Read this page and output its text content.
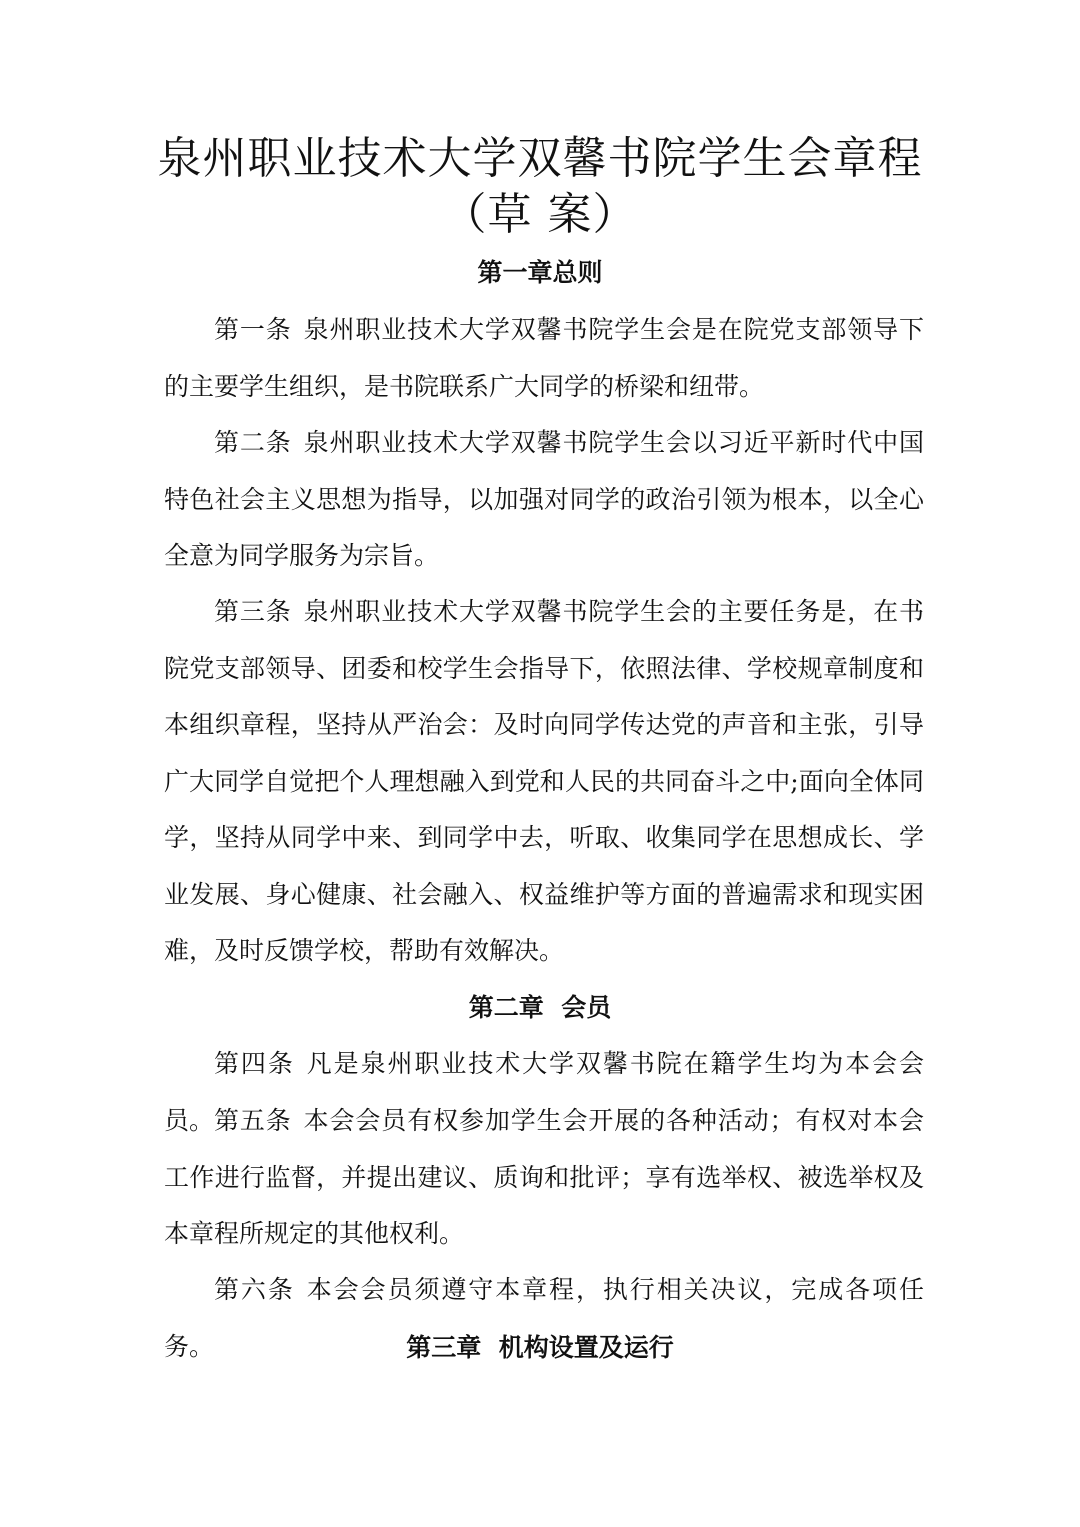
泉州职业技术大学双馨书院学生会章程
（草 案）
第一章总则

第一条 泉州职业技术大学双馨书院学生会是在院党支部领导下的主要学生组织，是书院联系广大同学的桥梁和纽带。

第二条 泉州职业技术大学双馨书院学生会以习近平新时代中国特色社会主义思想为指导，以加强对同学的政治引领为根本，以全心全意为同学服务为宗旨。

第三条 泉州职业技术大学双馨书院学生会的主要任务是，在书院党支部领导、团委和校学生会指导下，依照法律、学校规章制度和本组织章程，坚持从严治会：及时向同学传达党的声音和主张，引导广大同学自觉把个人理想融入到党和人民的共同奋斗之中;面向全体同学，坚持从同学中来、到同学中去，听取、收集同学在思想成长、学业发展、身心健康、社会融入、权益维护等方面的普遍需求和现实困难，及时反馈学校，帮助有效解决。

第二章  会员

第四条 凡是泉州职业技术大学双馨书院在籍学生均为本会会员。 第五条 本会会员有权参加学生会开展的各种活动；有权对本会工作进行监督，并提出建议、质询和批评；享有选举权、被选举权及本章程所规定的其他权利。

第六条 本会会员须遵守本章程，执行相关决议，完成各项任务。	第三章  机构设置及运行
